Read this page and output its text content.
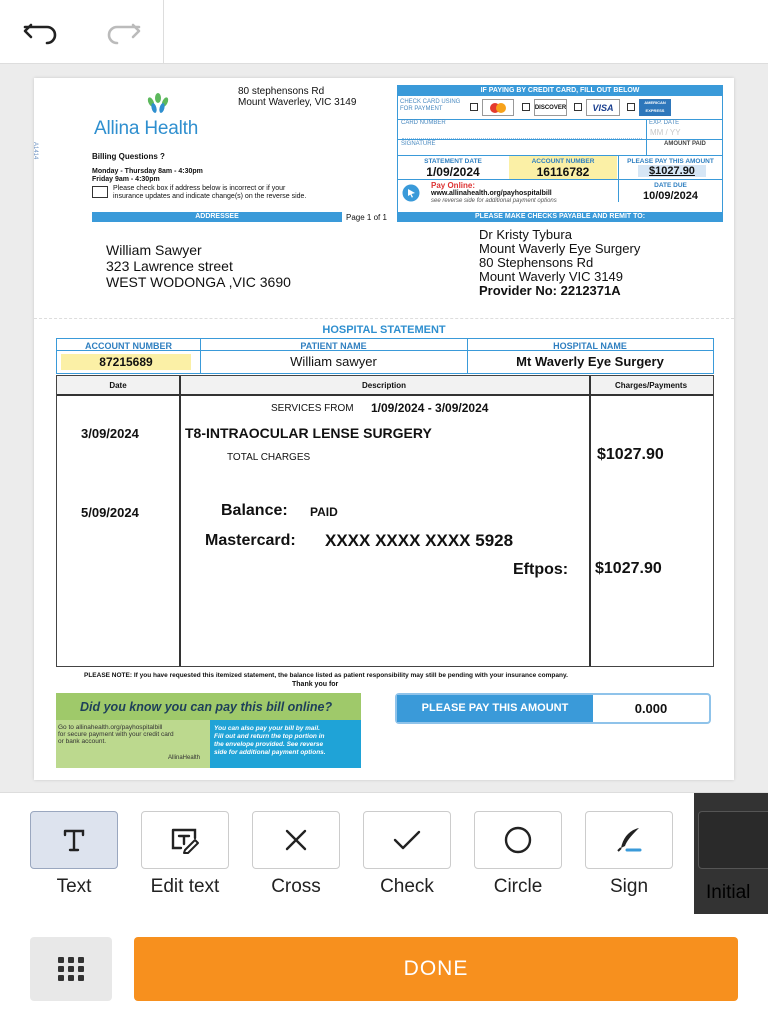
Allina Health
A1414
80 stephensons Rd
Mount Waverley, VIC 3149
Billing Questions ?
Monday - Thursday 8am - 4:30pm
Friday 9am - 4:30pm
Please check box if address below is incorrect or if your
insurance updates and indicate change(s) on the reverse side.
IF PAYING BY CREDIT CARD, FILL OUT BELOW
CHECK CARD USING FOR PAYMENT	DISCOVER	VISA	AMERICAN EXPRESS
CARD NUMBER	EXP. DATE
MM / YY
SIGNATURE	AMOUNT PAID
STATEMENT DATE
1/09/2024
ACCOUNT NUMBER
16116782
PLEASE PAY THIS AMOUNT
$1027.90
Pay Online:
www.allinahealth.org/payhospitalbill
see reverse side for additional payment options
DATE DUE
10/09/2024
ADDRESSEE	Page 1 of 1	PLEASE MAKE CHECKS PAYABLE AND REMIT TO:
William Sawyer
323 Lawrence street
WEST WODONGA ,VIC 3690
Dr Kristy Tybura
Mount Waverly Eye Surgery
80 Stephensons Rd
Mount Waverly VIC 3149
Provider No: 2212371A
HOSPITAL STATEMENT
ACCOUNT NUMBER	PATIENT NAME	HOSPITAL NAME
87215689	William sawyer	Mt Waverly Eye Surgery
Date	Description	Charges/Payments
SERVICES FROM 1/09/2024 - 3/09/2024
3/09/2024	T8-INTRAOCULAR LENSE SURGERY
TOTAL CHARGES	$1027.90
5/09/2024	Balance: PAID
Mastercard: XXXX XXXX XXXX 5928
Eftpos: $1027.90
PLEASE NOTE: If you have requested this itemized statement, the balance listed as patient responsibility may still be pending with your insurance company.
Thank you for
Did you know you can pay this bill online?
Go to allinahealth.org/payhospitalbill
for secure payment with your credit card
or bank account.
AllinaHealth
You can also pay your bill by mail.
Fill out and return the top portion in
the envelope provided. See reverse
side for additional payment options.
PLEASE PAY THIS AMOUNT	0.000
Text	Edit text	Cross	Check	Circle	Sign	Initial
DONE
